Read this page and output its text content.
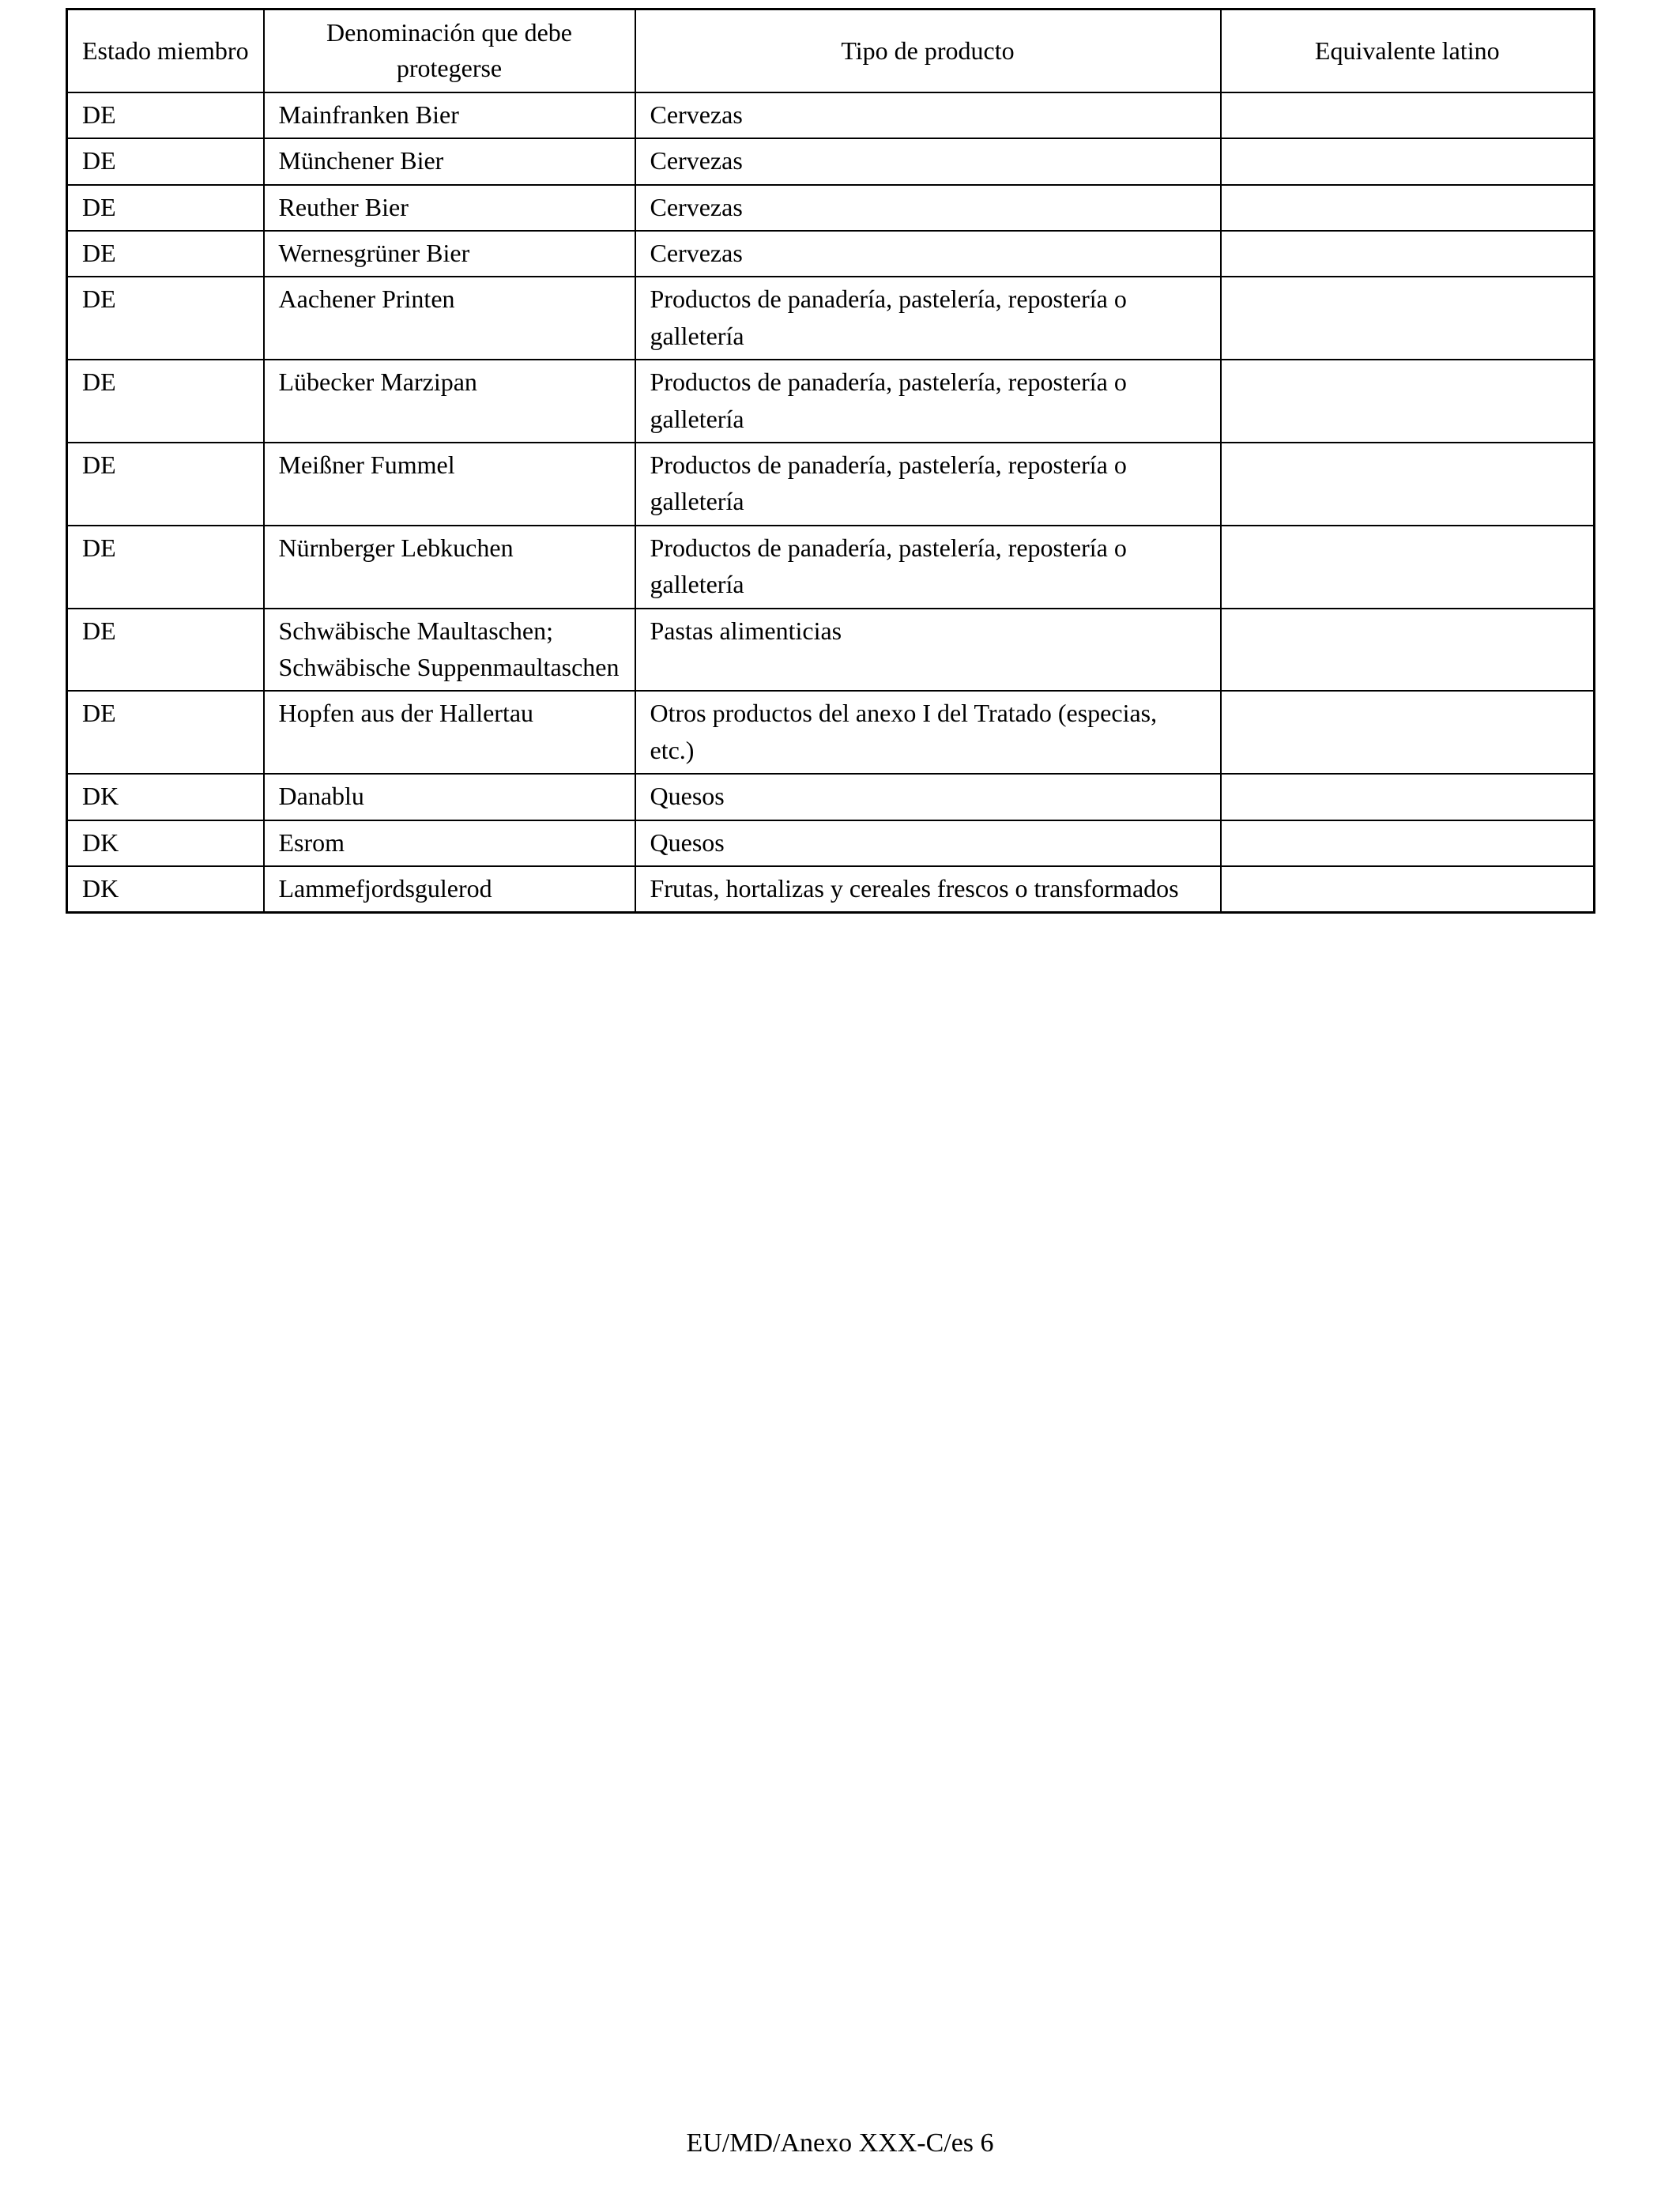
Estado miembro	Denominación que debe protegerse	Tipo de producto	Equivalente latino
DE	Mainfranken Bier	Cervezas	
DE	Münchener Bier	Cervezas	
DE	Reuther Bier	Cervezas	
DE	Wernesgrüner Bier	Cervezas	
DE	Aachener Printen	Productos de panadería, pastelería, repostería o galletería	
DE	Lübecker Marzipan	Productos de panadería, pastelería, repostería o galletería	
DE	Meißner Fummel	Productos de panadería, pastelería, repostería o galletería	
DE	Nürnberger Lebkuchen	Productos de panadería, pastelería, repostería o galletería	
DE	Schwäbische Maultaschen; Schwäbische Suppenmaultaschen	Pastas alimenticias	
DE	Hopfen aus der Hallertau	Otros productos del anexo I del Tratado (especias, etc.)	
DK	Danablu	Quesos	
DK	Esrom	Quesos	
DK	Lammefjordsgulerod	Frutas, hortalizas y cereales frescos o transformados	
EU/MD/Anexo XXX-C/es 6
